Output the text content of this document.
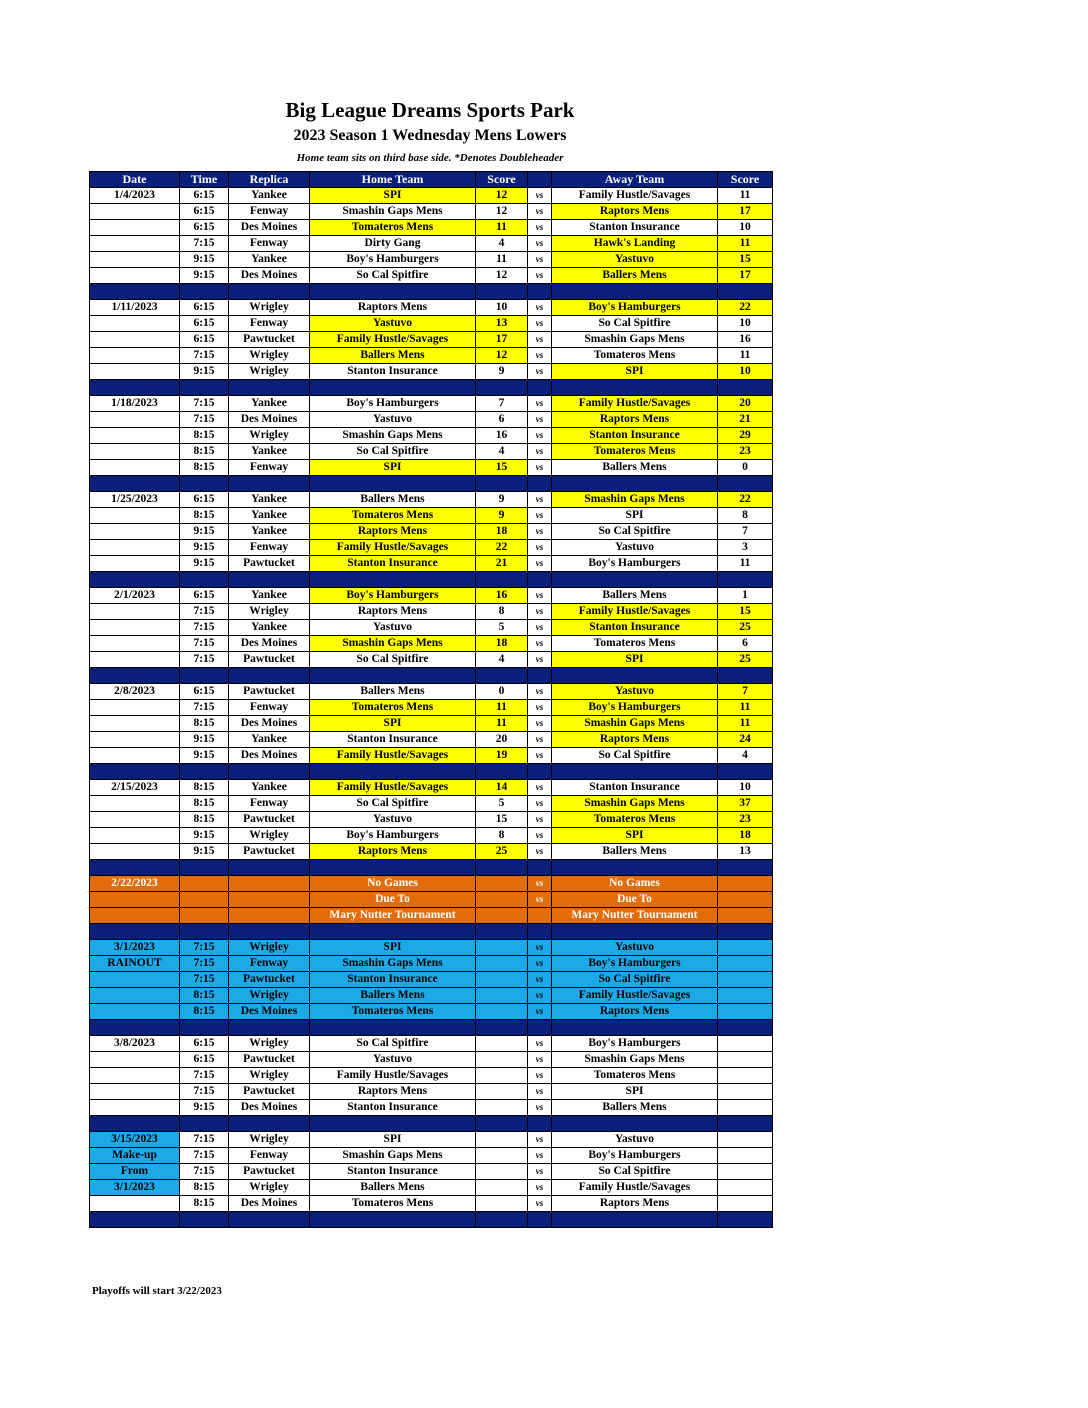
Big League Dreams Sports Park
2023 Season 1 Wednesday Mens Lowers
Home team sits on third base side. *Denotes Doubleheader
Date	Time	Replica	Home Team	Score		Away Team	Score
1/4/2023	6:15	Yankee	SPI	12	vs	Family Hustle/Savages	11
	6:15	Fenway	Smashin Gaps Mens	12	vs	Raptors Mens	17
	6:15	Des Moines	Tomateros Mens	11	vs	Stanton Insurance	10
	7:15	Fenway	Dirty Gang	4	vs	Hawk's Landing	11
	9:15	Yankee	Boy's Hamburgers	11	vs	Yastuvo	15
	9:15	Des Moines	So Cal Spitfire	12	vs	Ballers Mens	17

1/11/2023	6:15	Wrigley	Raptors Mens	10	vs	Boy's Hamburgers	22
	6:15	Fenway	Yastuvo	13	vs	So Cal Spitfire	10
	6:15	Pawtucket	Family Hustle/Savages	17	vs	Smashin Gaps Mens	16
	7:15	Wrigley	Ballers Mens	12	vs	Tomateros Mens	11
	9:15	Wrigley	Stanton Insurance	9	vs	SPI	10

1/18/2023	7:15	Yankee	Boy's Hamburgers	7	vs	Family Hustle/Savages	20
	7:15	Des Moines	Yastuvo	6	vs	Raptors Mens	21
	8:15	Wrigley	Smashin Gaps Mens	16	vs	Stanton Insurance	29
	8:15	Yankee	So Cal Spitfire	4	vs	Tomateros Mens	23
	8:15	Fenway	SPI	15	vs	Ballers Mens	0

1/25/2023	6:15	Yankee	Ballers Mens	9	vs	Smashin Gaps Mens	22
	8:15	Yankee	Tomateros Mens	9	vs	SPI	8
	9:15	Yankee	Raptors Mens	18	vs	So Cal Spitfire	7
	9:15	Fenway	Family Hustle/Savages	22	vs	Yastuvo	3
	9:15	Pawtucket	Stanton Insurance	21	vs	Boy's Hamburgers	11

2/1/2023	6:15	Yankee	Boy's Hamburgers	16	vs	Ballers Mens	1
	7:15	Wrigley	Raptors Mens	8	vs	Family Hustle/Savages	15
	7:15	Yankee	Yastuvo	5	vs	Stanton Insurance	25
	7:15	Des Moines	Smashin Gaps Mens	18	vs	Tomateros Mens	6
	7:15	Pawtucket	So Cal Spitfire	4	vs	SPI	25

2/8/2023	6:15	Pawtucket	Ballers Mens	0	vs	Yastuvo	7
	7:15	Fenway	Tomateros Mens	11	vs	Boy's Hamburgers	11
	8:15	Des Moines	SPI	11	vs	Smashin Gaps Mens	11
	9:15	Yankee	Stanton Insurance	20	vs	Raptors Mens	24
	9:15	Des Moines	Family Hustle/Savages	19	vs	So Cal Spitfire	4

2/15/2023	8:15	Yankee	Family Hustle/Savages	14	vs	Stanton Insurance	10
	8:15	Fenway	So Cal Spitfire	5	vs	Smashin Gaps Mens	37
	8:15	Pawtucket	Yastuvo	15	vs	Tomateros Mens	23
	9:15	Wrigley	Boy's Hamburgers	8	vs	SPI	18
	9:15	Pawtucket	Raptors Mens	25	vs	Ballers Mens	13

2/22/2023			No Games		vs	No Games	
			Due To		vs	Due To	
			Mary Nutter Tournament			Mary Nutter Tournament	

3/1/2023	7:15	Wrigley	SPI		vs	Yastuvo	
RAINOUT	7:15	Fenway	Smashin Gaps Mens		vs	Boy's Hamburgers	
	7:15	Pawtucket	Stanton Insurance		vs	So Cal Spitfire	
	8:15	Wrigley	Ballers Mens		vs	Family Hustle/Savages	
	8:15	Des Moines	Tomateros Mens		vs	Raptors Mens	

3/8/2023	6:15	Wrigley	So Cal Spitfire		vs	Boy's Hamburgers	
	6:15	Pawtucket	Yastuvo		vs	Smashin Gaps Mens	
	7:15	Wrigley	Family Hustle/Savages		vs	Tomateros Mens	
	7:15	Pawtucket	Raptors Mens		vs	SPI	
	9:15	Des Moines	Stanton Insurance		vs	Ballers Mens	

3/15/2023	7:15	Wrigley	SPI		vs	Yastuvo	
Make-up	7:15	Fenway	Smashin Gaps Mens		vs	Boy's Hamburgers	
From	7:15	Pawtucket	Stanton Insurance		vs	So Cal Spitfire	
3/1/2023	8:15	Wrigley	Ballers Mens		vs	Family Hustle/Savages	
	8:15	Des Moines	Tomateros Mens		vs	Raptors Mens	

Playoffs will start 3/22/2023
